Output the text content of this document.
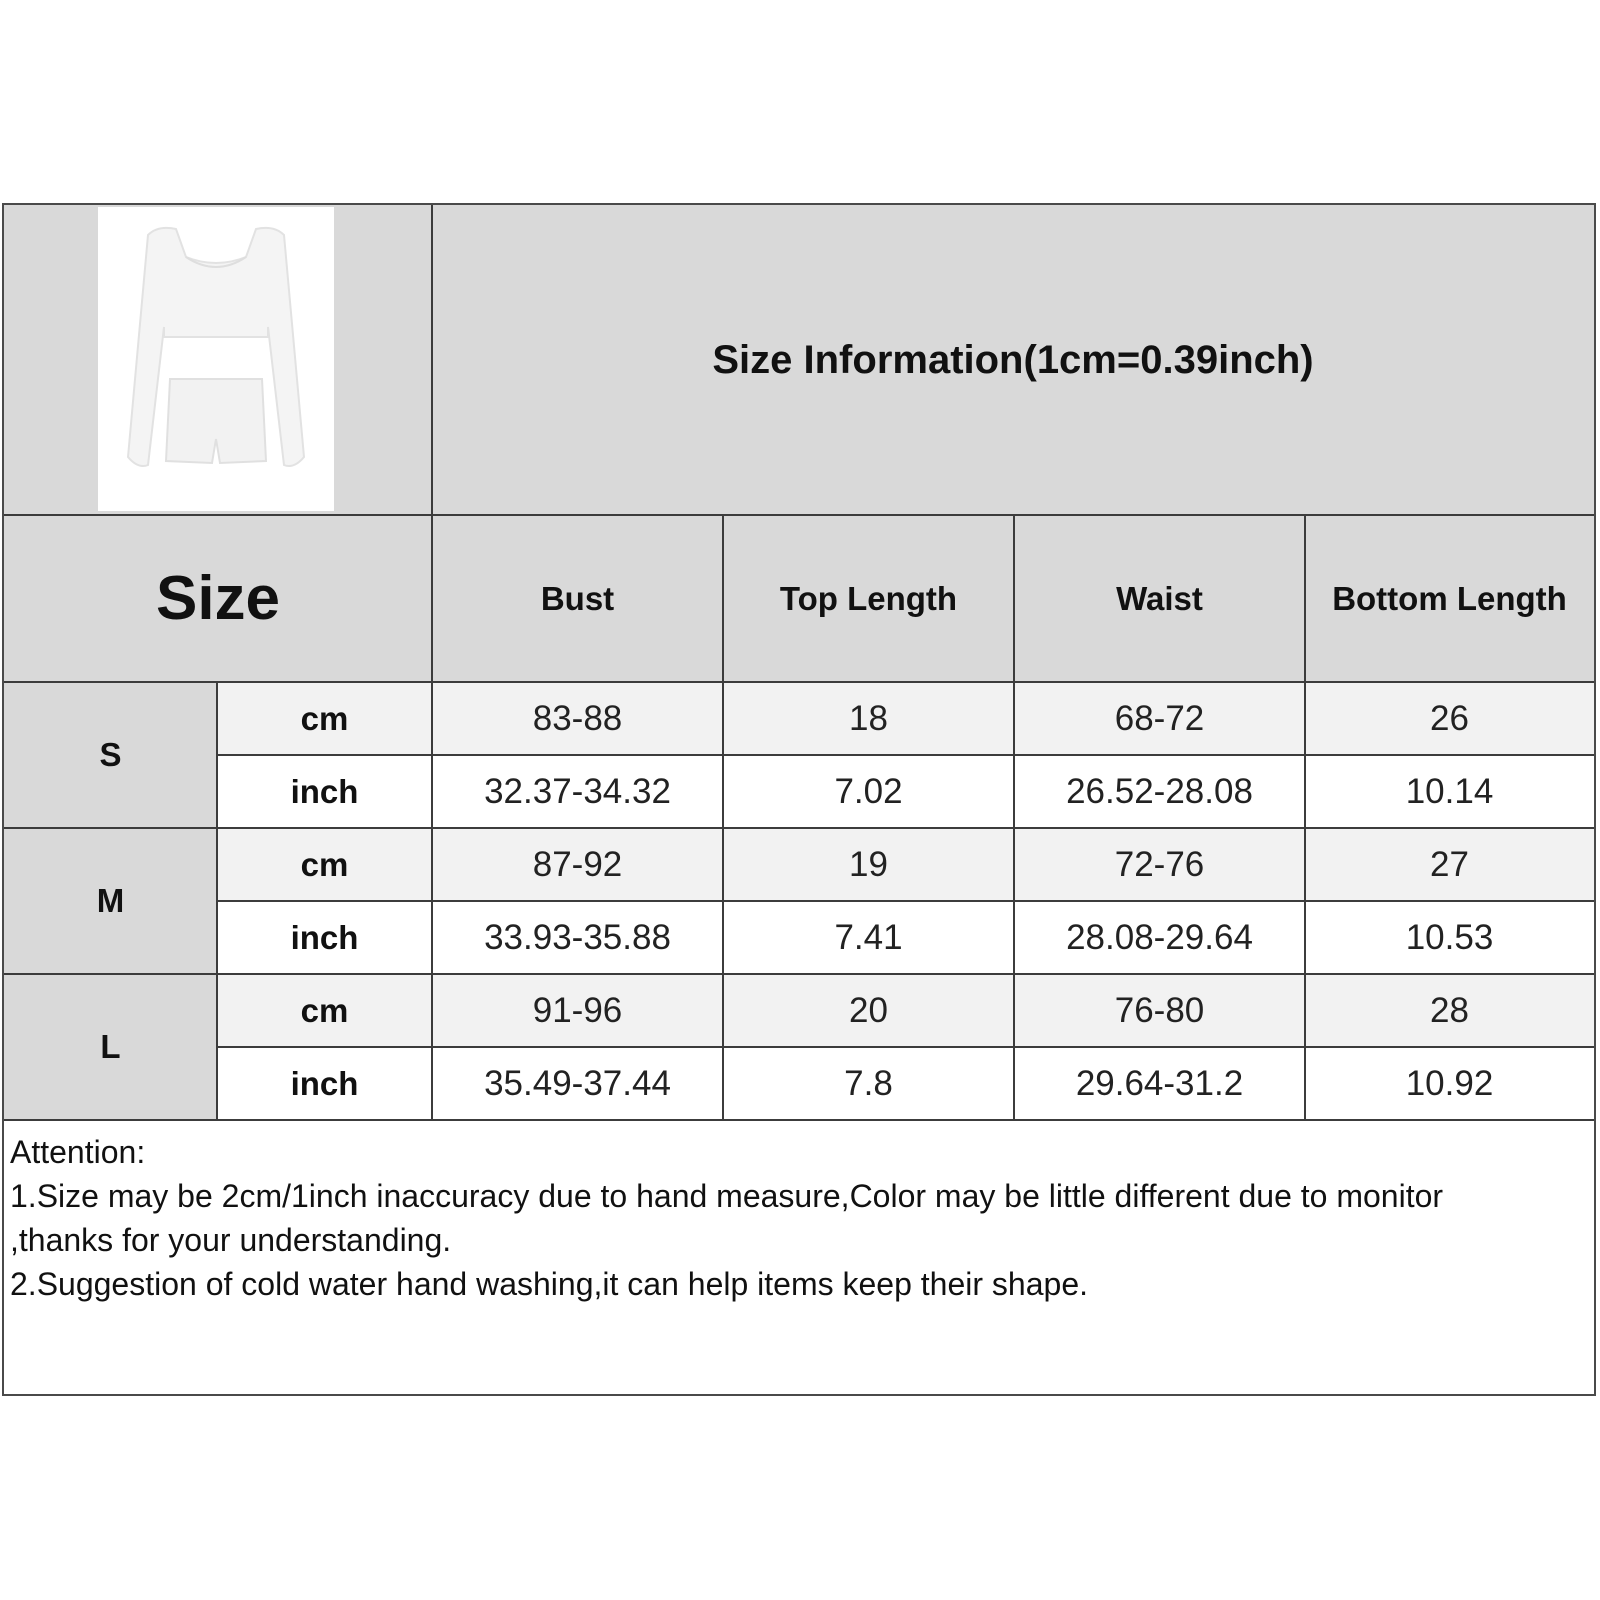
Size Information(1cm=0.39inch)
Size	Bust	Top Length	Waist	Bottom Length
S
cm	83-88	18	68-72	26
inch	32.37-34.32	7.02	26.52-28.08	10.14
M
cm	87-92	19	72-76	27
inch	33.93-35.88	7.41	28.08-29.64	10.53
L
cm	91-96	20	76-80	28
inch	35.49-37.44	7.8	29.64-31.2	10.92
Attention:
1.Size may be 2cm/1inch inaccuracy due to hand measure,Color may be little different due to monitor
,thanks for your understanding.
2.Suggestion of cold water hand washing,it can help items keep their shape.
